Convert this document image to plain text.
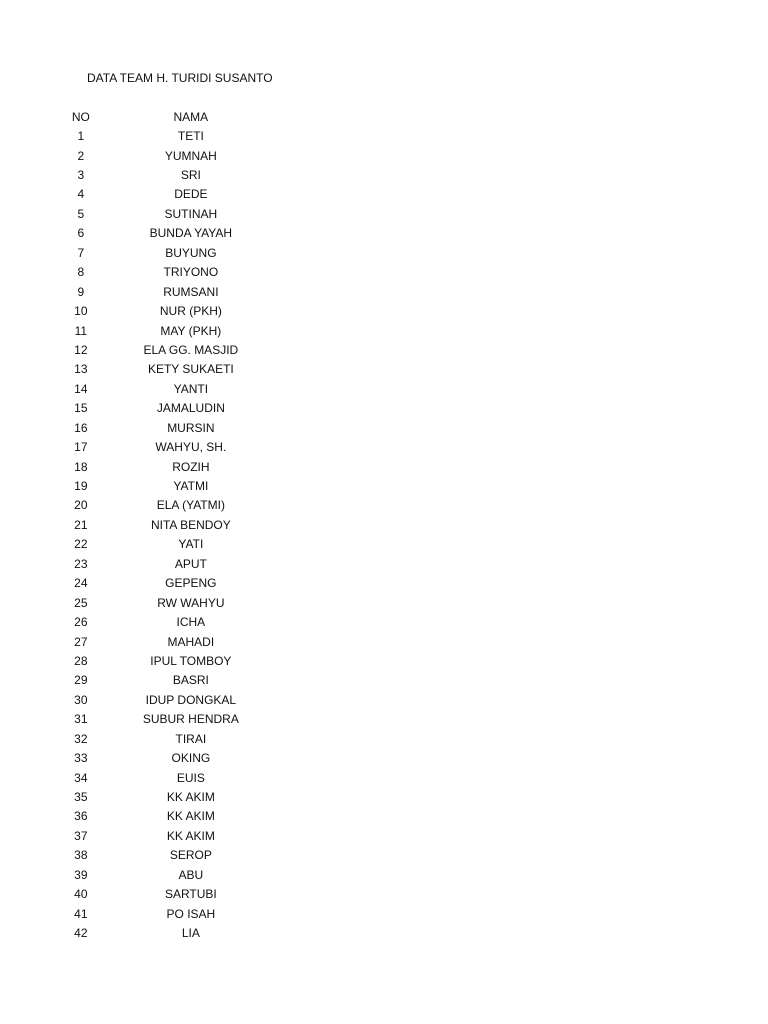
DATA TEAM H. TURIDI SUSANTO
NO	NAMA
1	TETI
2	YUMNAH
3	SRI
4	DEDE
5	SUTINAH
6	BUNDA YAYAH
7	BUYUNG
8	TRIYONO
9	RUMSANI
10	NUR (PKH)
11	MAY (PKH)
12	ELA GG. MASJID
13	KETY SUKAETI
14	YANTI
15	JAMALUDIN
16	MURSIN
17	WAHYU, SH.
18	ROZIH
19	YATMI
20	ELA (YATMI)
21	NITA BENDOY
22	YATI
23	APUT
24	GEPENG
25	RW WAHYU
26	ICHA
27	MAHADI
28	IPUL TOMBOY
29	BASRI
30	IDUP DONGKAL
31	SUBUR HENDRA
32	TIRAI
33	OKING
34	EUIS
35	KK AKIM
36	KK AKIM
37	KK AKIM
38	SEROP
39	ABU
40	SARTUBI
41	PO ISAH
42	LIA
